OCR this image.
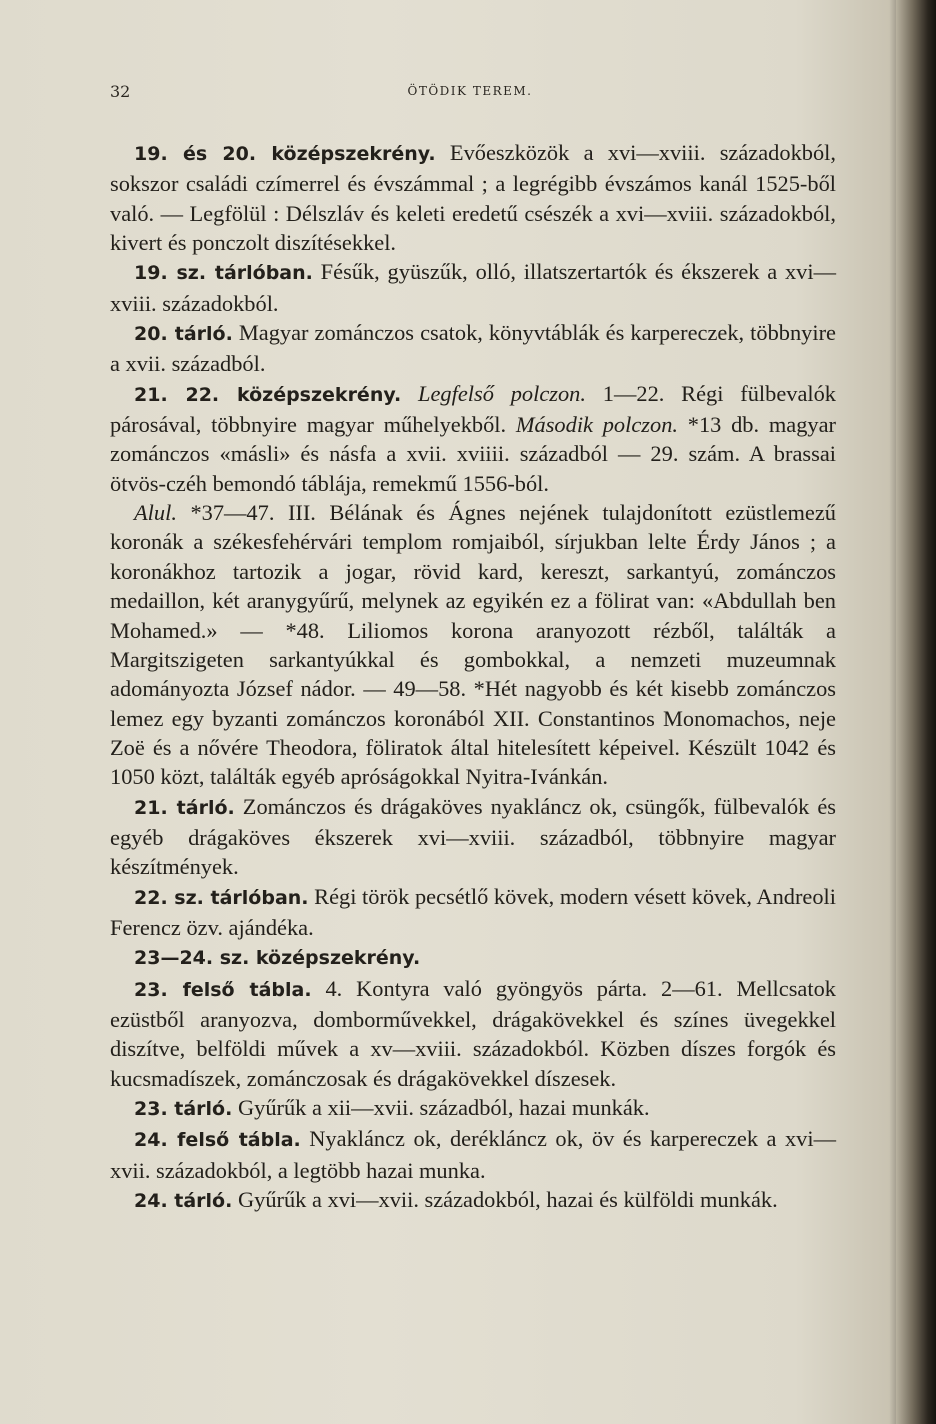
32	ÖTÖDIK TEREM.

19. és 20. középszekrény. Evőeszközök a xvi—xviii. századokból, sokszor családi czímerrel és évszámmal ; a legrégibb évszámos kanál 1525-ből való. — Legfölül : Délszláv és keleti eredetű csészék a xvi—xviii. századokból, kivert és ponczolt diszítésekkel.

19. sz. tárlóban. Fésűk, gyüszűk, olló, illatszertartók és ékszerek a xvi—xviii. századokból.

20. tárló. Magyar zománczos csatok, könyvtáblák és karpereczek, többnyire a xvii. századból.

21. 22. középszekrény. Legfelső polczon. 1—22. Régi fülbevalók párosával, többnyire magyar műhelyekből. Második polczon. *13 db. magyar zománczos «másli» és násfa a xvii. xviiii. századból — 29. szám. A brassai ötvös-czéh bemondó táblája, remekmű 1556-ból.

Alul. *37—47. III. Bélának és Ágnes nejének tulajdonított ezüstlemezű koronák a székesfehérvári templom romjaiból, sírjukban lelte Érdy János ; a koronákhoz tartozik a jogar, rövid kard, kereszt, sarkantyú, zománczos medaillon, két aranygyűrű, melynek az egyikén ez a fölirat van: «Abdullah ben Mohamed.» — *48. Liliomos korona aranyozott rézből, találták a Margitszigeten sarkantyúkkal és gombokkal, a nemzeti muzeumnak adományozta József nádor. — 49—58. *Hét nagyobb és két kisebb zománczos lemez egy byzanti zománczos koronából XII. Constantinos Monomachos, neje Zoë és a nővére Theodora, föliratok által hitelesített képeivel. Készült 1042 és 1050 közt, találták egyéb apróságokkal Nyitra-Ivánkán.

21. tárló. Zománczos és drágaköves nyakláncz ok, csüngők, fülbevalók és egyéb drágaköves ékszerek xvi—xviii. századból, többnyire magyar készítmények.

22. sz. tárlóban. Régi török pecsétlő kövek, modern vésett kövek, Andreoli Ferencz özv. ajándéka.

23—24. sz. középszekrény.

23. felső tábla. 4. Kontyra való gyöngyös párta. 2—61. Mellcsatok ezüstből aranyozva, domborművekkel, drágakövekkel és színes üvegekkel diszítve, belföldi művek a xv—xviii. századokból. Közben díszes forgók és kucsmadíszek, zománczosak és drágakövekkel díszesek.

23. tárló. Gyűrűk a xii—xvii. századból, hazai munkák.

24. felső tábla. Nyakláncz ok, derékláncz ok, öv és karpereczek a xvi—xvii. századokból, a legtöbb hazai munka.

24. tárló. Gyűrűk a xvi—xvii. századokból, hazai és külföldi munkák.
